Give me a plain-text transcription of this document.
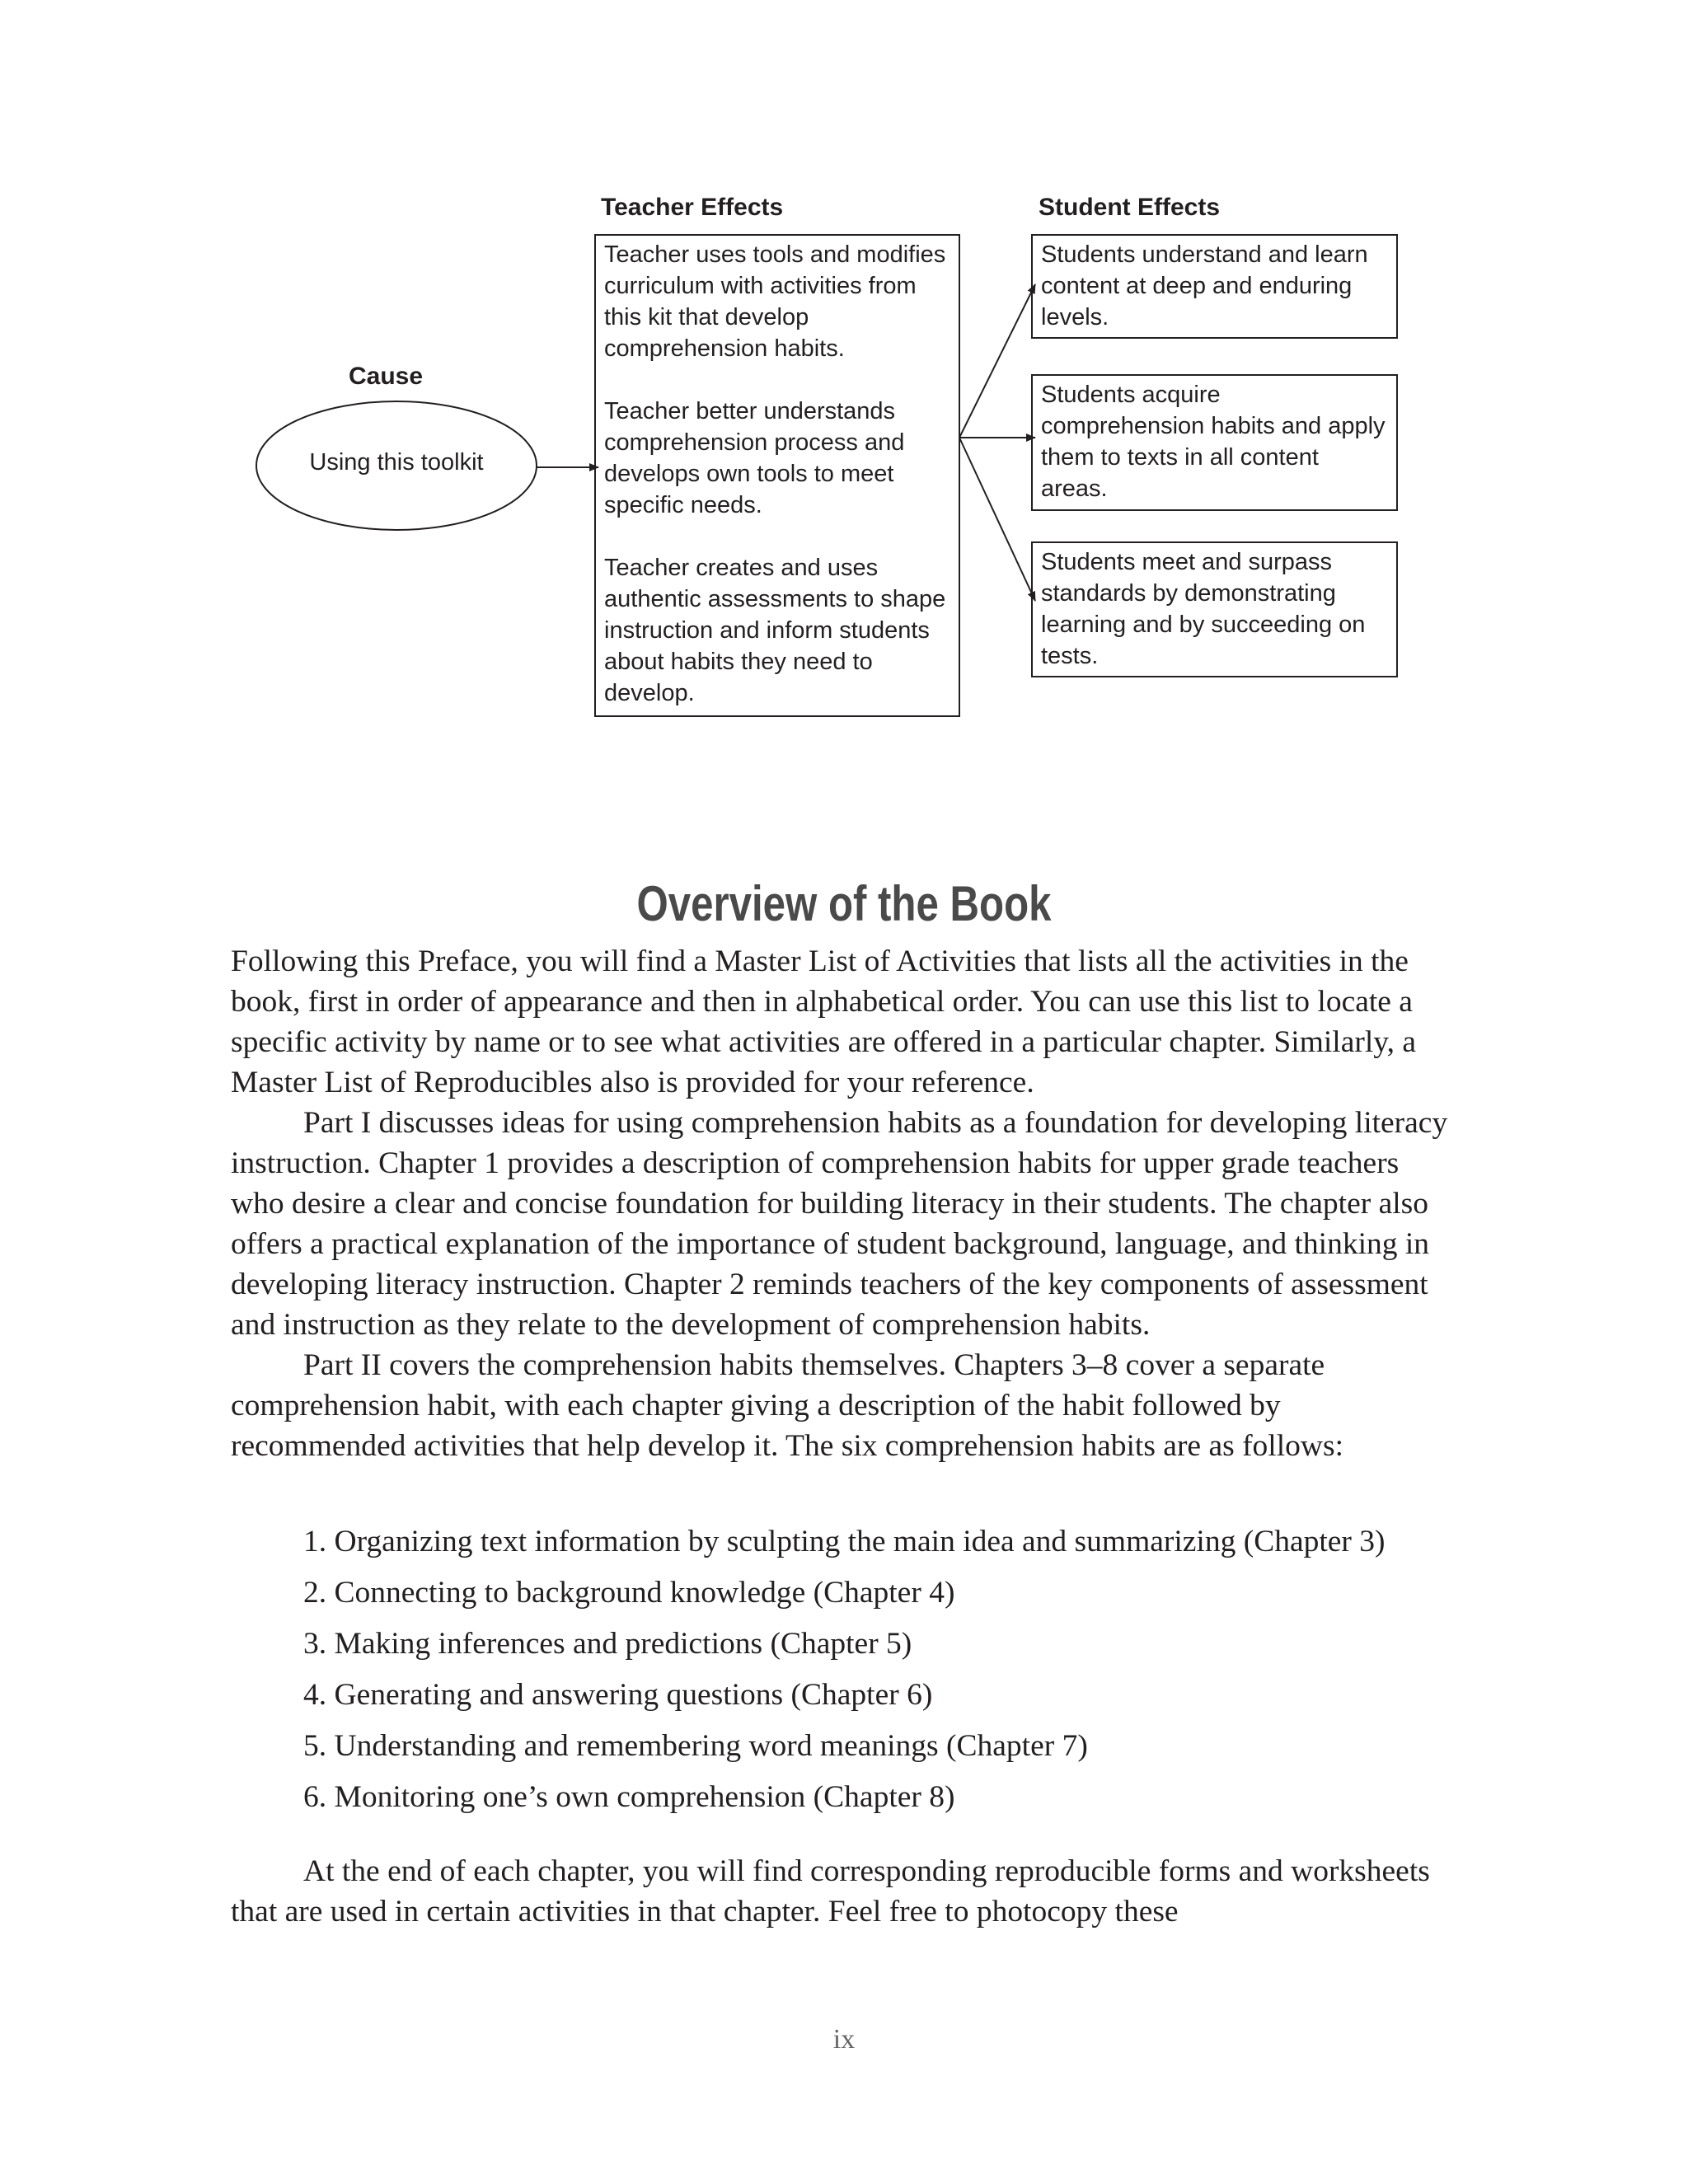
Cause
Using this toolkit
Teacher Effects

Teacher uses tools and modifies curriculum with activities from this kit that develop comprehension habits.

Teacher better understands comprehension process and develops own tools to meet specific needs.

Teacher creates and uses authentic assessments to shape instruction and inform students about habits they need to develop.

Student Effects

Students understand and learn content at deep and enduring levels.

Students acquire comprehension habits and apply them to texts in all content areas.

Students meet and surpass standards by demonstrating learning and by succeeding on tests.

Overview of the Book

Following this Preface, you will find a Master List of Activities that lists all the activities in the book, first in order of appearance and then in alphabetical order. You can use this list to locate a specific activity by name or to see what activities are offered in a particular chapter. Similarly, a Master List of Reproducibles also is provided for your reference.

Part I discusses ideas for using comprehension habits as a foundation for developing literacy instruction. Chapter 1 provides a description of comprehension habits for upper grade teachers who desire a clear and concise foundation for building literacy in their students. The chapter also offers a practical explanation of the importance of student background, language, and thinking in developing literacy instruction. Chapter 2 reminds teachers of the key components of assessment and instruction as they relate to the development of comprehension habits.

Part II covers the comprehension habits themselves. Chapters 3–8 cover a separate comprehension habit, with each chapter giving a description of the habit followed by recommended activities that help develop it. The six comprehension habits are as follows:

1. Organizing text information by sculpting the main idea and summarizing (Chapter 3)
2. Connecting to background knowledge (Chapter 4)
3. Making inferences and predictions (Chapter 5)
4. Generating and answering questions (Chapter 6)
5. Understanding and remembering word meanings (Chapter 7)
6. Monitoring one’s own comprehension (Chapter 8)

At the end of each chapter, you will find corresponding reproducible forms and worksheets that are used in certain activities in that chapter. Feel free to photocopy these

ix
